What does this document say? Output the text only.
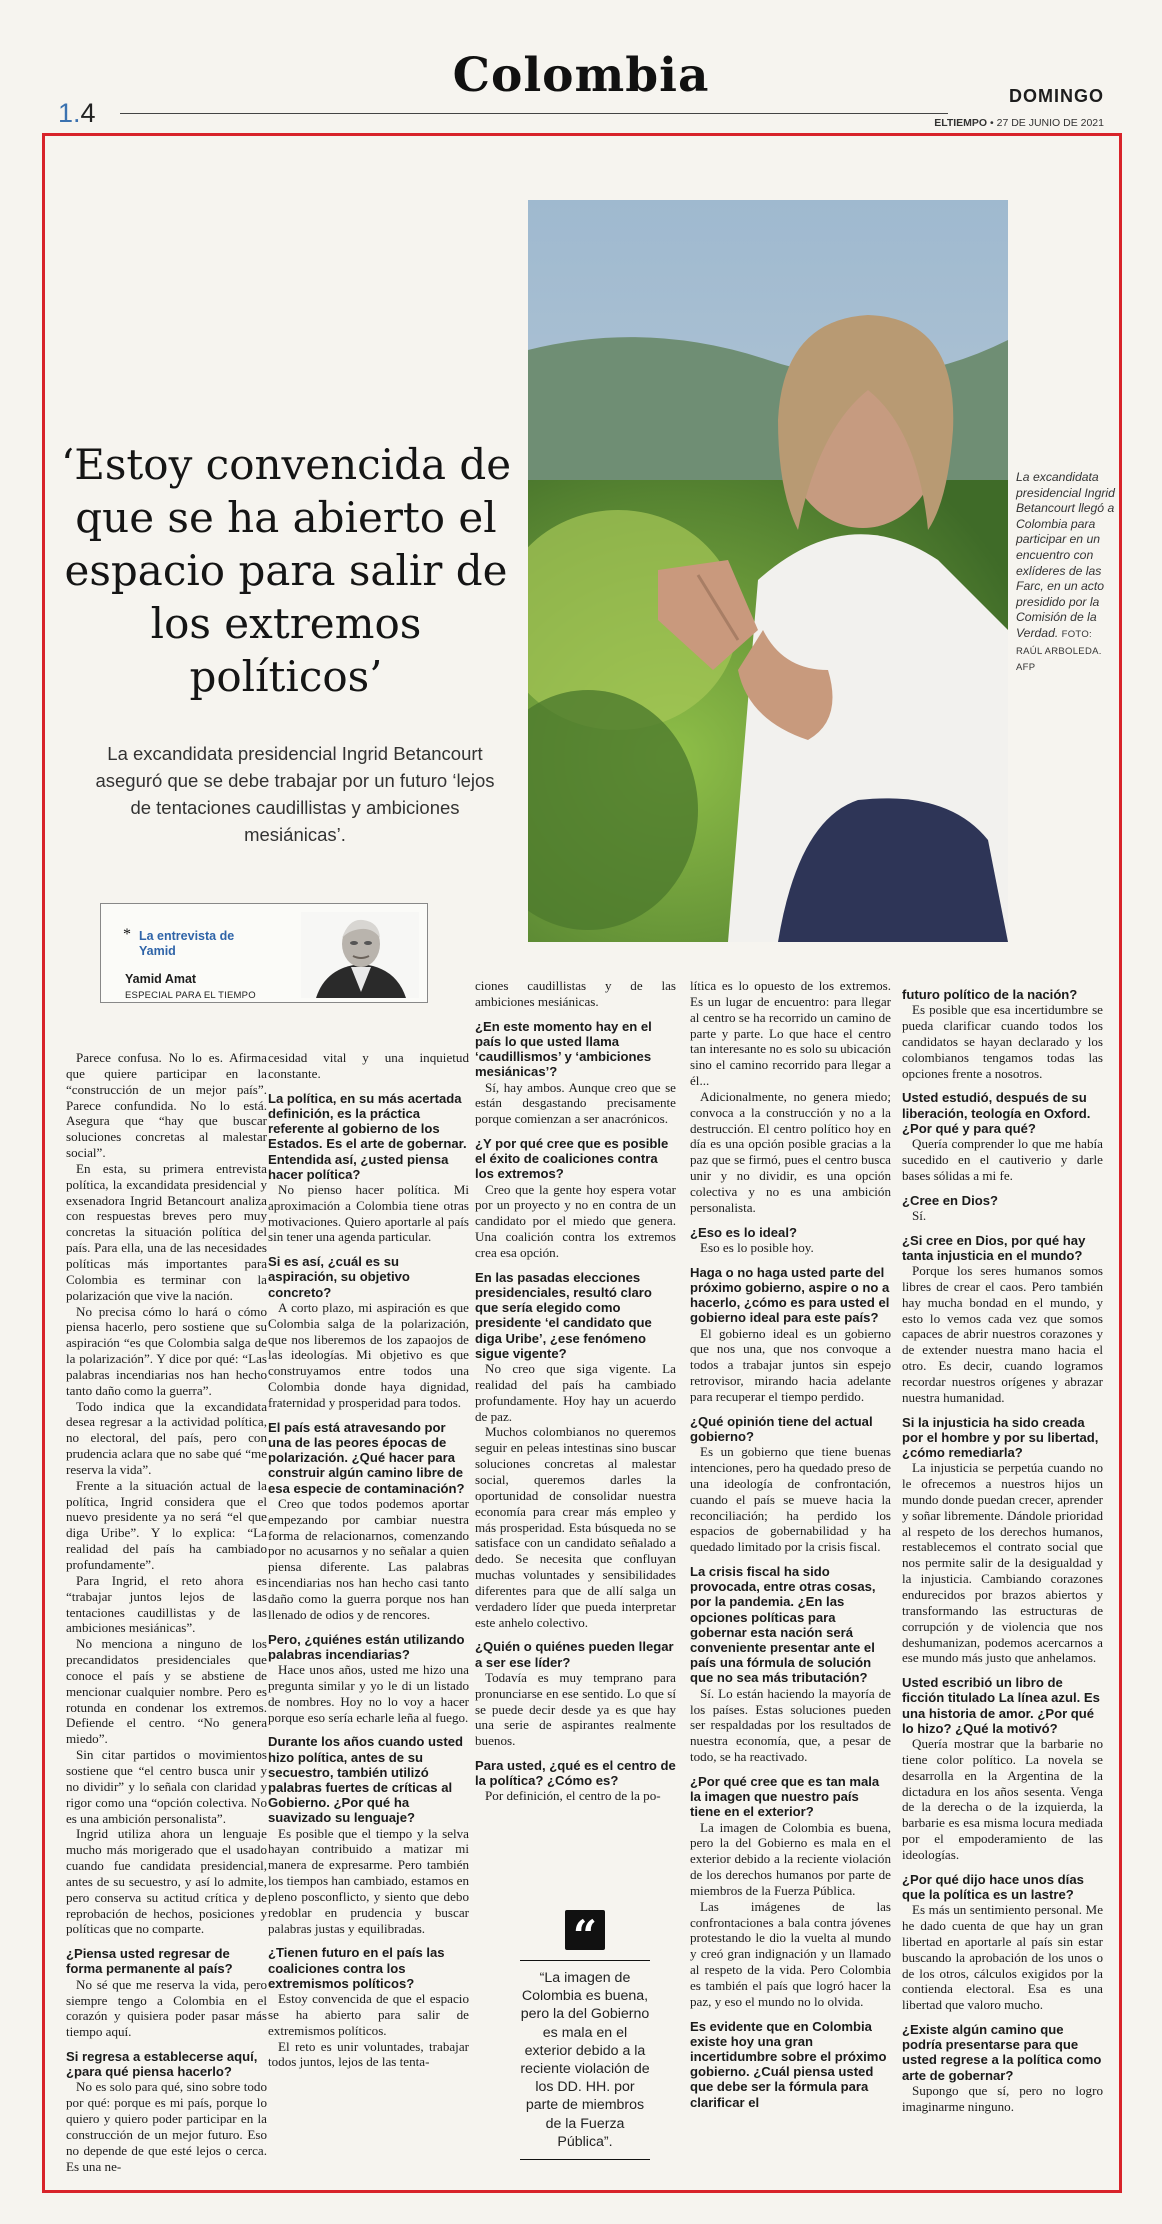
Colombia
1.4
DOMINGO
ELTIEMPO • 27 DE JUNIO DE 2021
La excandidata presidencial Ingrid Betancourt llegó a Colombia para participar en un encuentro con exlíderes de las Farc, en un acto presidido por la Comisión de la Verdad. FOTO: RAÚL ARBOLEDA. AFP
‘Estoy convencida de que se ha abierto el espacio para salir de los extremos políticos’
La excandidata presidencial Ingrid Betancourt aseguró que se debe trabajar por un futuro ‘lejos de tentaciones caudillistas y ambiciones mesiánicas’.
* La entrevista de Yamid
Yamid Amat
ESPECIAL PARA EL TIEMPO

Parece confusa. No lo es. Afirma que quiere participar en la “construcción de un mejor país”. Parece confundida. No lo está. Asegura que “hay que buscar soluciones concretas al malestar social”.

En esta, su primera entrevista política, la excandidata presidencial y exsenadora Ingrid Betancourt analiza con respuestas breves pero muy concretas la situación política del país. Para ella, una de las necesidades políticas más importantes para Colombia es terminar con la polarización que vive la nación.

No precisa cómo lo hará o cómo piensa hacerlo, pero sostiene que su aspiración “es que Colombia salga de la polarización”. Y dice por qué: “Las palabras incendiarias nos han hecho tanto daño como la guerra”.

Todo indica que la excandidata desea regresar a la actividad política, no electoral, del país, pero con prudencia aclara que no sabe qué “me reserva la vida”.

Frente a la situación actual de la política, Ingrid considera que el nuevo presidente ya no será “el que diga Uribe”. Y lo explica: “La realidad del país ha cambiado profundamente”.

Para Ingrid, el reto ahora es “trabajar juntos lejos de las tentaciones caudillistas y de las ambiciones mesiánicas”.

No menciona a ninguno de los precandidatos presidenciales que conoce el país y se abstiene de mencionar cualquier nombre. Pero es rotunda en condenar los extremos. Defiende el centro. “No genera miedo”.

Sin citar partidos o movimientos sostiene que “el centro busca unir y no dividir” y lo señala con claridad y rigor como una “opción colectiva. No es una ambición personalista”.

Ingrid utiliza ahora un lenguaje mucho más morigerado que el usado cuando fue candidata presidencial, antes de su secuestro, y así lo admite, pero conserva su actitud crítica y de reprobación de hechos, posiciones y políticas que no comparte.

¿Piensa usted regresar de forma permanente al país?

No sé que me reserva la vida, pero siempre tengo a Colombia en el corazón y quisiera poder pasar más tiempo aquí.

Si regresa a establecerse aquí, ¿para qué piensa hacerlo?

No es solo para qué, sino sobre todo por qué: porque es mi país, porque lo quiero y quiero poder participar en la construcción de un mejor futuro. Eso no depende de que esté lejos o cerca. Es una ne-

cesidad vital y una inquietud constante.

La política, en su más acertada definición, es la práctica referente al gobierno de los Estados. Es el arte de gobernar. Entendida así, ¿usted piensa hacer política?

No pienso hacer política. Mi aproximación a Colombia tiene otras motivaciones. Quiero aportarle al país sin tener una agenda particular.

Si es así, ¿cuál es su aspiración, su objetivo concreto?

A corto plazo, mi aspiración es que Colombia salga de la polarización, que nos liberemos de los zapaojos de las ideologías. Mi objetivo es que construyamos entre todos una Colombia donde haya dignidad, fraternidad y prosperidad para todos.

El país está atravesando por una de las peores épocas de polarización. ¿Qué hacer para construir algún camino libre de esa especie de contaminación?

Creo que todos podemos aportar empezando por cambiar nuestra forma de relacionarnos, comenzando por no acusarnos y no señalar a quien piensa diferente. Las palabras incendiarias nos han hecho casi tanto daño como la guerra porque nos han llenado de odios y de rencores.

Pero, ¿quiénes están utilizando palabras incendiarias?

Hace unos años, usted me hizo una pregunta similar y yo le di un listado de nombres. Hoy no lo voy a hacer porque eso sería echarle leña al fuego.

Durante los años cuando usted hizo política, antes de su secuestro, también utilizó palabras fuertes de críticas al Gobierno. ¿Por qué ha suavizado su lenguaje?

Es posible que el tiempo y la selva hayan contribuido a matizar mi manera de expresarme. Pero también los tiempos han cambiado, estamos en pleno posconflicto, y siento que debo redoblar en prudencia y buscar palabras justas y equilibradas.

¿Tienen futuro en el país las coaliciones contra los extremismos políticos?

Estoy convencida de que el espacio se ha abierto para salir de extremismos políticos.

El reto es unir voluntades, trabajar todos juntos, lejos de las tenta-

ciones caudillistas y de las ambiciones mesiánicas.

¿En este momento hay en el país lo que usted llama ‘caudillismos’ y ‘ambiciones mesiánicas’?

Sí, hay ambos. Aunque creo que se están desgastando precisamente porque comienzan a ser anacrónicos.

¿Y por qué cree que es posible el éxito de coaliciones contra los extremos?

Creo que la gente hoy espera votar por un proyecto y no en contra de un candidato por el miedo que genera. Una coalición contra los extremos crea esa opción.

En las pasadas elecciones presidenciales, resultó claro que sería elegido como presidente ‘el candidato que diga Uribe’, ¿ese fenómeno sigue vigente?

No creo que siga vigente. La realidad del país ha cambiado profundamente. Hoy hay un acuerdo de paz.

Muchos colombianos no queremos seguir en peleas intestinas sino buscar soluciones concretas al malestar social, queremos darles la oportunidad de consolidar nuestra economía para crear más empleo y más prosperidad. Esta búsqueda no se satisface con un candidato señalado a dedo. Se necesita que confluyan muchas voluntades y sensibilidades diferentes para que de allí salga un verdadero líder que pueda interpretar este anhelo colectivo.

¿Quién o quiénes pueden llegar a ser ese líder?

Todavía es muy temprano para pronunciarse en ese sentido. Lo que sí se puede decir desde ya es que hay una serie de aspirantes realmente buenos.

Para usted, ¿qué es el centro de la política? ¿Cómo es?

Por definición, el centro de la po-

lítica es lo opuesto de los extremos. Es un lugar de encuentro: para llegar al centro se ha recorrido un camino de parte y parte. Lo que hace el centro tan interesante no es solo su ubicación sino el camino recorrido para llegar a él...

Adicionalmente, no genera miedo; convoca a la construcción y no a la destrucción. El centro político hoy en día es una opción posible gracias a la paz que se firmó, pues el centro busca unir y no dividir, es una opción colectiva y no es una ambición personalista.

¿Eso es lo ideal?

Eso es lo posible hoy.

Haga o no haga usted parte del próximo gobierno, aspire o no a hacerlo, ¿cómo es para usted el gobierno ideal para este país?

El gobierno ideal es un gobierno que nos una, que nos convoque a todos a trabajar juntos sin espejo retrovisor, mirando hacia adelante para recuperar el tiempo perdido.

¿Qué opinión tiene del actual gobierno?

Es un gobierno que tiene buenas intenciones, pero ha quedado preso de una ideología de confrontación, cuando el país se mueve hacia la reconciliación; ha perdido los espacios de gobernabilidad y ha quedado limitado por la crisis fiscal.

La crisis fiscal ha sido provocada, entre otras cosas, por la pandemia. ¿En las opciones políticas para gobernar esta nación será conveniente presentar ante el país una fórmula de solución que no sea más tributación?

Sí. Lo están haciendo la mayoría de los países. Estas soluciones pueden ser respaldadas por los resultados de nuestra economía, que, a pesar de todo, se ha reactivado.

¿Por qué cree que es tan mala la imagen que nuestro país tiene en el exterior?

La imagen de Colombia es buena, pero la del Gobierno es mala en el exterior debido a la reciente violación de los derechos humanos por parte de miembros de la Fuerza Pública.

Las imágenes de las confrontaciones a bala contra jóvenes protestando le dio la vuelta al mundo y creó gran indignación y un llamado al respeto de la vida. Pero Colombia es también el país que logró hacer la paz, y eso el mundo no lo olvida.

Es evidente que en Colombia existe hoy una gran incertidumbre sobre el próximo gobierno. ¿Cuál piensa usted que debe ser la fórmula para clarificar el

futuro político de la nación?

Es posible que esa incertidumbre se pueda clarificar cuando todos los candidatos se hayan declarado y los colombianos tengamos todas las opciones frente a nosotros.

Usted estudió, después de su liberación, teología en Oxford. ¿Por qué y para qué?

Quería comprender lo que me había sucedido en el cautiverio y darle bases sólidas a mi fe.

¿Cree en Dios?

Sí.

¿Si cree en Dios, por qué hay tanta injusticia en el mundo?

Porque los seres humanos somos libres de crear el caos. Pero también hay mucha bondad en el mundo, y esto lo vemos cada vez que somos capaces de abrir nuestros corazones y de extender nuestra mano hacia el otro. Es decir, cuando logramos recordar nuestros orígenes y abrazar nuestra humanidad.

Si la injusticia ha sido creada por el hombre y por su libertad, ¿cómo remediarla?

La injusticia se perpetúa cuando no le ofrecemos a nuestros hijos un mundo donde puedan crecer, aprender y soñar libremente. Dándole prioridad al respeto de los derechos humanos, restablecemos el contrato social que nos permite salir de la desigualdad y la injusticia. Cambiando corazones endurecidos por brazos abiertos y transformando las estructuras de corrupción y de violencia que nos deshumanizan, podemos acercarnos a ese mundo más justo que anhelamos.

Usted escribió un libro de ficción titulado La línea azul. Es una historia de amor. ¿Por qué lo hizo? ¿Qué la motivó?

Quería mostrar que la barbarie no tiene color político. La novela se desarrolla en la Argentina de la dictadura en los años sesenta. Venga de la derecha o de la izquierda, la barbarie es esa misma locura mediada por el empoderamiento de las ideologías.

¿Por qué dijo hace unos días que la política es un lastre?

Es más un sentimiento personal. Me he dado cuenta de que hay un gran libertad en aportarle al país sin estar buscando la aprobación de los unos o de los otros, cálculos exigidos por la contienda electoral. Esa es una libertad que valoro mucho.

¿Existe algún camino que podría presentarse para que usted regrese a la política como arte de gobernar?

Supongo que sí, pero no logro imaginarme ninguno.

“
“La imagen de Colombia es buena, pero la del Gobierno es mala en el exterior debido a la reciente violación de los DD. HH. por parte de miembros de la Fuerza Pública”.
